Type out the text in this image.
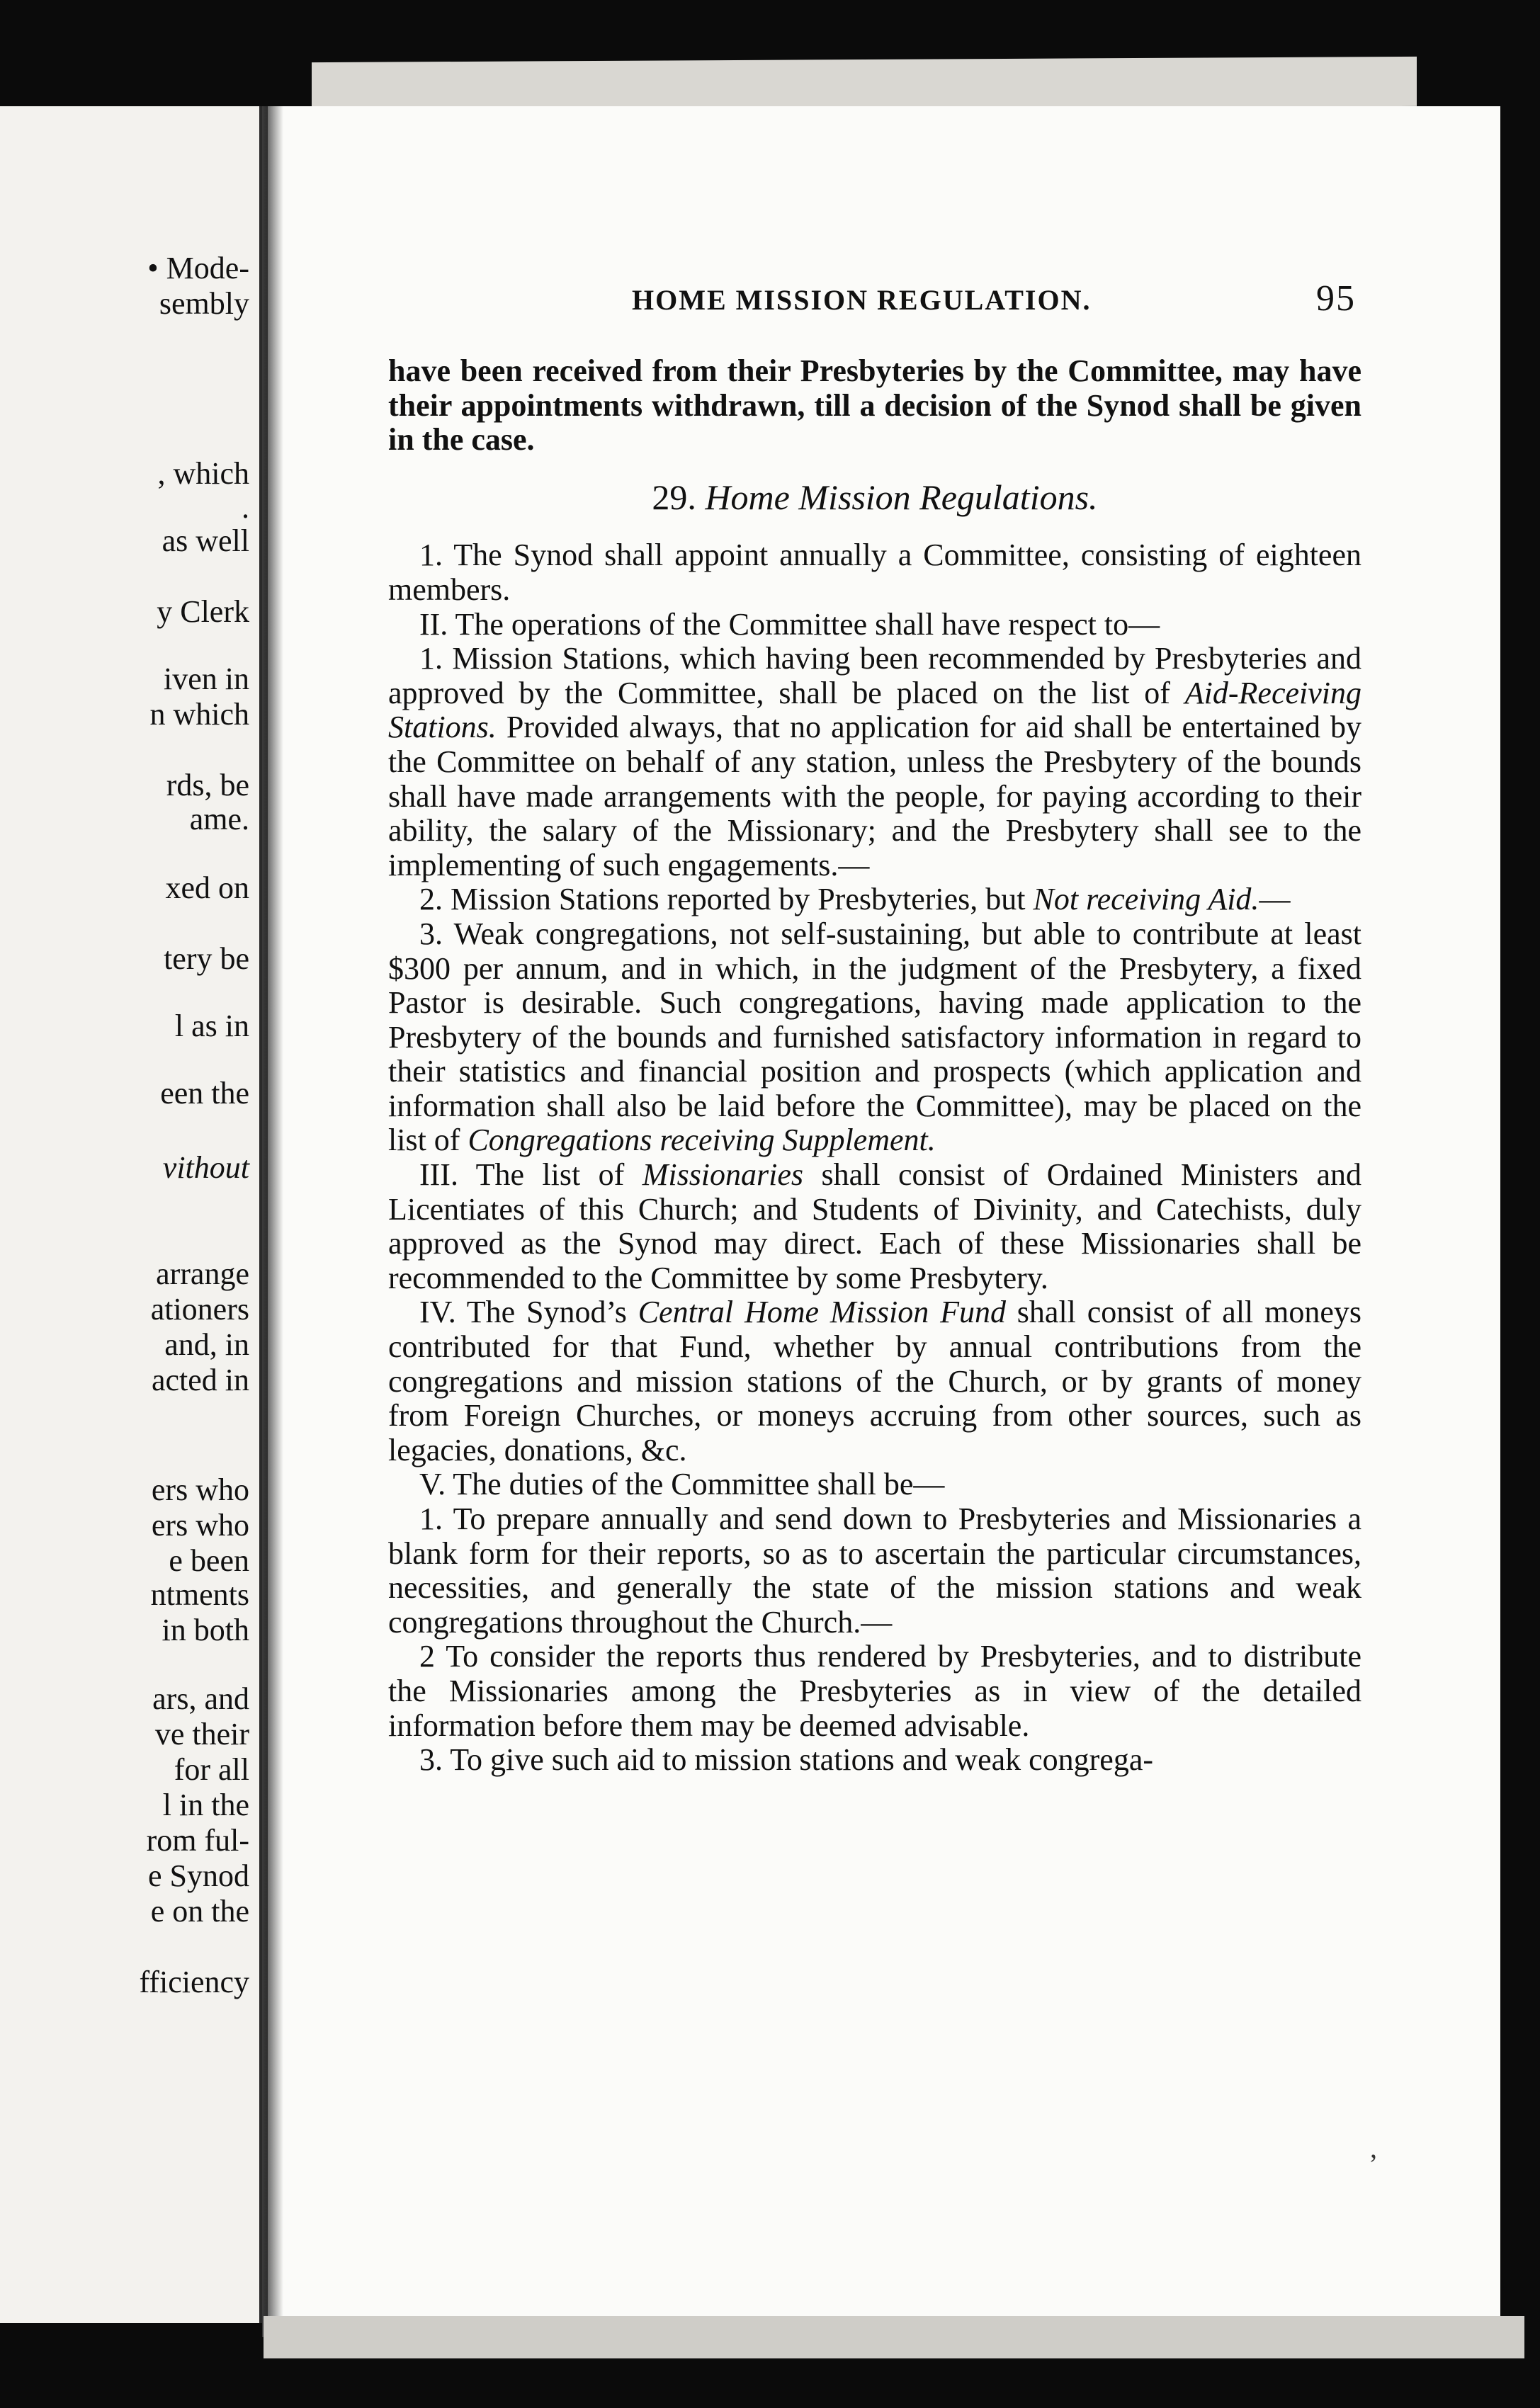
• Mode-
sembly
, which
.
as well
y Clerk
iven in
n which
rds, be
ame.
xed on
tery be
l as in
een the
vithout
arrange
ationers
and, in
acted in
ers who
ers who
e been
ntments
in both
ars, and
ve their
for all
l in the
rom ful-
e Synod
e on the
fficiency
HOME MISSION REGULATION.	95

have been received from their Presbyteries by the Committee, may have their appointments withdrawn, till a decision of the Synod shall be given in the case.

29. Home Mission Regulations.

1. The Synod shall appoint annually a Committee, consisting of eighteen members.

II. The operations of the Committee shall have respect to—

1. Mission Stations, which having been recommended by Presbyteries and approved by the Committee, shall be placed on the list of Aid-Receiving Stations. Provided always, that no application for aid shall be entertained by the Committee on behalf of any station, unless the Presbytery of the bounds shall have made arrangements with the people, for paying according to their ability, the salary of the Missionary; and the Presbytery shall see to the implementing of such engagements.—

2. Mission Stations reported by Presbyteries, but Not receiving Aid.—

3. Weak congregations, not self-sustaining, but able to contribute at least $300 per annum, and in which, in the judgment of the Presbytery, a fixed Pastor is desirable. Such congregations, having made application to the Presbytery of the bounds and furnished satisfactory information in regard to their statistics and financial position and prospects (which application and information shall also be laid before the Committee), may be placed on the list of Congregations receiving Supplement.

III. The list of Missionaries shall consist of Ordained Ministers and Licentiates of this Church; and Students of Divinity, and Catechists, duly approved as the Synod may direct. Each of these Missionaries shall be recommended to the Committee by some Presbytery.

IV. The Synod’s Central Home Mission Fund shall consist of all moneys contributed for that Fund, whether by annual contributions from the congregations and mission stations of the Church, or by grants of money from Foreign Churches, or moneys accruing from other sources, such as legacies, donations, &c.

V. The duties of the Committee shall be—

1. To prepare annually and send down to Presbyteries and Missionaries a blank form for their reports, so as to ascertain the particular circumstances, necessities, and generally the state of the mission stations and weak congregations throughout the Church.—

2 To consider the reports thus rendered by Presbyteries, and to distribute the Missionaries among the Presbyteries as in view of the detailed information before them may be deemed advisable.

3. To give such aid to mission stations and weak congrega-

’
